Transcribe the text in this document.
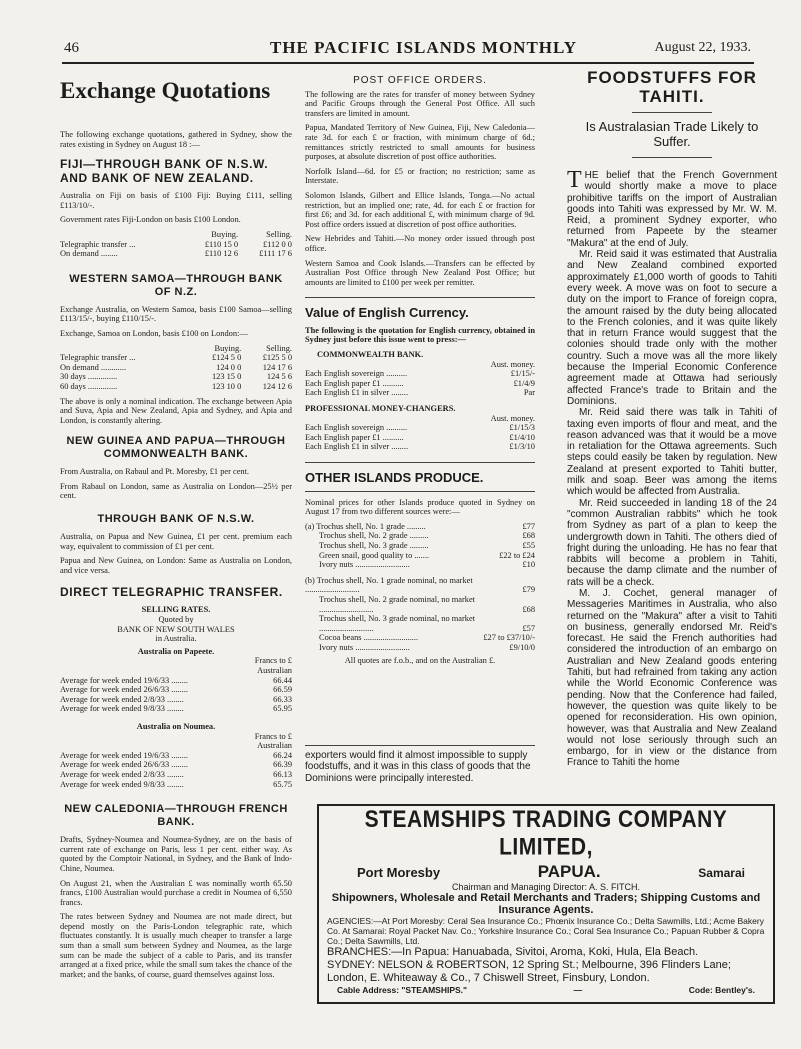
46	THE PACIFIC ISLANDS MONTHLY	August 22, 1933.
Exchange Quotations

The following exchange quotations, gathered in Sydney, show the rates existing in Sydney on August 18 :—

FIJI—THROUGH BANK OF N.S.W. AND BANK OF NEW ZEALAND.

Australia on Fiji on basis of £100 Fiji: Buying £111, selling £113/10/-.

Government rates Fiji-London on basis £100 London.

	Buying.	Selling.
Telegraphic transfer ...	£110 15 0	£112 0 0
On demand ........	£110 12 6	£111 17 6
WESTERN SAMOA—THROUGH BANK OF N.Z.

Exchange Australia, on Western Samoa, basis £100 Samoa—selling £113/15/-, buying £110/15/-.

Exchange, Samoa on London, basis £100 on London:—

	Buying.	Selling.
Telegraphic transfer ...	£124 5 0	£125 5 0
On demand ............	124 0 0	124 17 6
30 days ..............	123 15 0	124 5 6
60 days ..............	123 10 0	124 12 6

The above is only a nominal indication. The exchange between Apia and Suva, Apia and New Zealand, Apia and Sydney, and Apia and London, is constantly altering.

NEW GUINEA AND PAPUA—THROUGH COMMONWEALTH BANK.

From Australia, on Rabaul and Pt. Moresby, £1 per cent.

From Rabaul on London, same as Australia on London—25½ per cent.

THROUGH BANK OF N.S.W.

Australia, on Papua and New Guinea, £1 per cent. premium each way, equivalent to commission of £1 per cent.

Papua and New Guinea, on London: Same as Australia on London, and vice versa.

DIRECT TELEGRAPHIC TRANSFER.
SELLING RATES.
Quoted by
BANK OF NEW SOUTH WALES
in Australia.
Australia on Papeete.
	Francs to £
	Australian
Average for week ended 19/6/33 ........	66.44
Average for week ended 26/6/33 ........	66.59
Average for week ended 2/8/33 ........	66.33
Average for week ended 9/8/33 ........	65.95
Australia on Noumea.
	Francs to £
	Australian
Average for week ended 19/6/33 ........	66.24
Average for week ended 26/6/33 ........	66.39
Average for week ended 2/8/33 ........	66.13
Average for week ended 9/8/33 ........	65.75
NEW CALEDONIA—THROUGH FRENCH BANK.

Drafts, Sydney-Noumea and Noumea-Sydney, are on the basis of current rate of exchange on Paris, less 1 per cent. either way. As quoted by the Comptoir National, in Sydney, and the Bank of Indo-Chine, Noumea.

On August 21, when the Australian £ was nominally worth 65.50 francs, £100 Australian would purchase a credit in Noumea of 6,550 francs.

The rates between Sydney and Noumea are not made direct, but depend mostly on the Paris-London telegraphic rate, which fluctuates constantly. It is usually much cheaper to transfer a large sum than a small sum between Sydney and Noumea, as the large sum can be made the subject of a cable to Paris, and its transfer arranged at a fixed price, while the small sum takes the chance of the market; and the banks, of course, guard themselves against loss.

POST OFFICE ORDERS.

The following are the rates for transfer of money between Sydney and Pacific Groups through the General Post Office. All such transfers are limited in amount.

Papua, Mandated Territory of New Guinea, Fiji, New Caledonia—rate 3d. for each £ or fraction, with minimum charge of 6d.; remittances strictly restricted to small amounts for business purposes, at absolute discretion of post office authorities.

Norfolk Island—6d. for £5 or fraction; no restriction; same as Interstate.

Solomon Islands, Gilbert and Ellice Islands, Tonga.—No actual restriction, but an implied one; rate, 4d. for each £ or fraction for first £6; and 3d. for each additional £, with minimum charge of 9d. Post office orders issued at discretion of post office authorities.

New Hebrides and Tahiti.—No money order issued through post office.

Western Samoa and Cook Islands.—Transfers can be effected by Australian Post Office through New Zealand Post Office; but amounts are limited to £100 per week per remitter.

Value of English Currency.

The following is the quotation for English currency, obtained in Sydney just before this issue went to press:—

COMMONWEALTH BANK.
	Aust. money.
Each English sovereign ..........	£1/15/-
Each English paper £1 ..........	£1/4/9
Each English £1 in silver ........	Par
PROFESSIONAL MONEY-CHANGERS.
	Aust. money.
Each English sovereign ..........	£1/15/3
Each English paper £1 ..........	£1/4/10
Each English £1 in silver ........	£1/3/10
OTHER ISLANDS PRODUCE.

Nominal prices for other Islands produce quoted in Sydney on August 17 from two different sources were:—

(a) Trochus shell, No. 1 grade .........	£77
Trochus shell, No. 2 grade .........	£68
Trochus shell, No. 3 grade .........	£55
Green snail, good quality to .......	£22 to £24
Ivory nuts ..........................	£10
(b) Trochus shell, No. 1 grade nominal, no market ..........................	£79
Trochus shell, No. 2 grade nominal, no market ..........................	£68
Trochus shell, No. 3 grade nominal, no market ..........................	£57
Cocoa beans ..........................	£27 to £37/10/-
Ivory nuts ..........................	£9/10/0

All quotes are f.o.b., and on the Australian £.

exporters would find it almost impossible to supply foodstuffs, and it was in this class of goods that the Dominions were principally interested.
FOODSTUFFS FOR TAHITI.
Is Australasian Trade Likely to Suffer.

THE belief that the French Government would shortly make a move to place prohibitive tariffs on the import of Australian goods into Tahiti was expressed by Mr. W. M. Reid, a prominent Sydney exporter, who returned from Papeete by the steamer "Makura" at the end of July.

Mr. Reid said it was estimated that Australia and New Zealand combined exported approximately £1,000 worth of goods to Tahiti every week. A move was on foot to secure a duty on the import to France of foreign copra, the amount raised by the duty being allocated to the French colonies, and it was quite likely that in return France would suggest that the colonies should trade only with the mother country. Such a move was all the more likely because the Imperial Economic Conference agreement made at Ottawa had seriously affected France's trade to Britain and the Dominions.

Mr. Reid said there was talk in Tahiti of taxing even imports of flour and meat, and the reason advanced was that it would be a move in retaliation for the Ottawa agreements. Such steps could easily be taken by regulation. New Zealand at present exported to Tahiti butter, milk and soap. Beer was among the items which would be affected from Australia.

Mr. Reid succeeded in landing 18 of the 24 "common Australian rabbits" which he took from Sydney as part of a plan to keep the undergrowth down in Tahiti. The others died of fright during the unloading. He has no fear that rabbits will become a problem in Tahiti, because the damp climate and the number of rats will be a check.

M. J. Cochet, general manager of Messageries Maritimes in Australia, who also returned on the "Makura" after a visit to Tahiti on business, generally endorsed Mr. Reid's forecast. He said the French authorities had considered the introduction of an embargo on Australian and New Zealand goods entering Tahiti, but had refrained from taking any action while the World Economic Conference was pending. Now that the Conference had failed, however, the question was quite likely to be opened for reconsideration. His own opinion, however, was that Australia and New Zealand would not lose seriously through such an embargo, for in view or the distance from France to Tahiti the home

STEAMSHIPS TRADING COMPANY LIMITED,
Port Moresby	PAPUA.	Samarai
Chairman and Managing Director: A. S. FITCH.
Shipowners, Wholesale and Retail Merchants and Traders; Shipping Customs and Insurance Agents.
AGENCIES:—At Port Moresby: Ceral Sea Insurance Co.; Phœnix Insurance Co.; Delta Sawmills, Ltd.; Acme Bakery Co. At Samarai: Royal Packet Nav. Co.; Yorkshire Insurance Co.; Coral Sea Insurance Co.; Papuan Rubber & Copra Co.; Delta Sawmills, Ltd.
BRANCHES:—In Papua: Hanuabada, Sivitoi, Aroma, Koki, Hula, Ela Beach.
SYDNEY: NELSON & ROBERTSON, 12 Spring St.; Melbourne, 396 Flinders Lane; London, E. Whiteaway & Co., 7 Chiswell Street, Finsbury, London.
Cable Address: "STEAMSHIPS."	—	Code: Bentley's.
